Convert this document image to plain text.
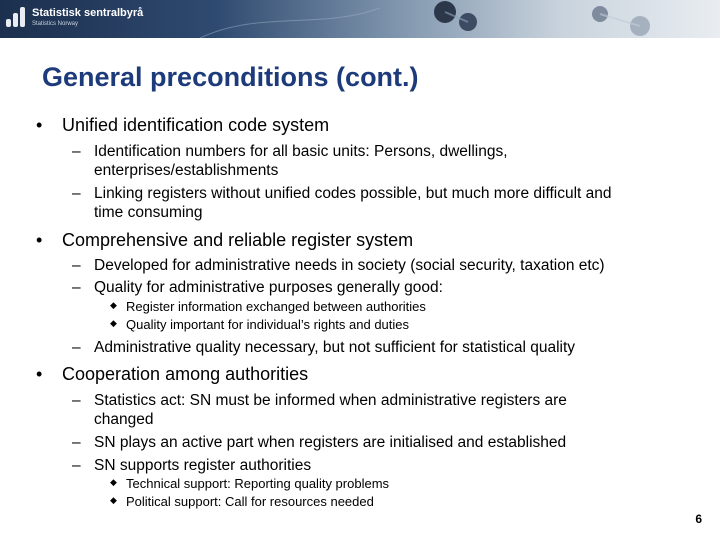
Statistisk sentralbyrå
Statistics Norway
General preconditions (cont.)
• Unified identification code system
– Identification numbers for all basic units: Persons, dwellings,
enterprises/establishments
– Linking registers without unified codes possible, but much more difficult and
time consuming
• Comprehensive and reliable register system
– Developed for administrative needs in society (social security, taxation etc)
– Quality for administrative purposes generally good:
◆ Register information exchanged between authorities
◆ Quality important for individual’s rights and duties
– Administrative quality necessary, but not sufficient for statistical quality
• Cooperation among authorities
– Statistics act: SN must be informed when administrative registers are
changed
– SN plays an active part when registers are initialised and established
– SN supports register authorities
◆ Technical support: Reporting quality problems
◆ Political support: Call for resources needed
6
